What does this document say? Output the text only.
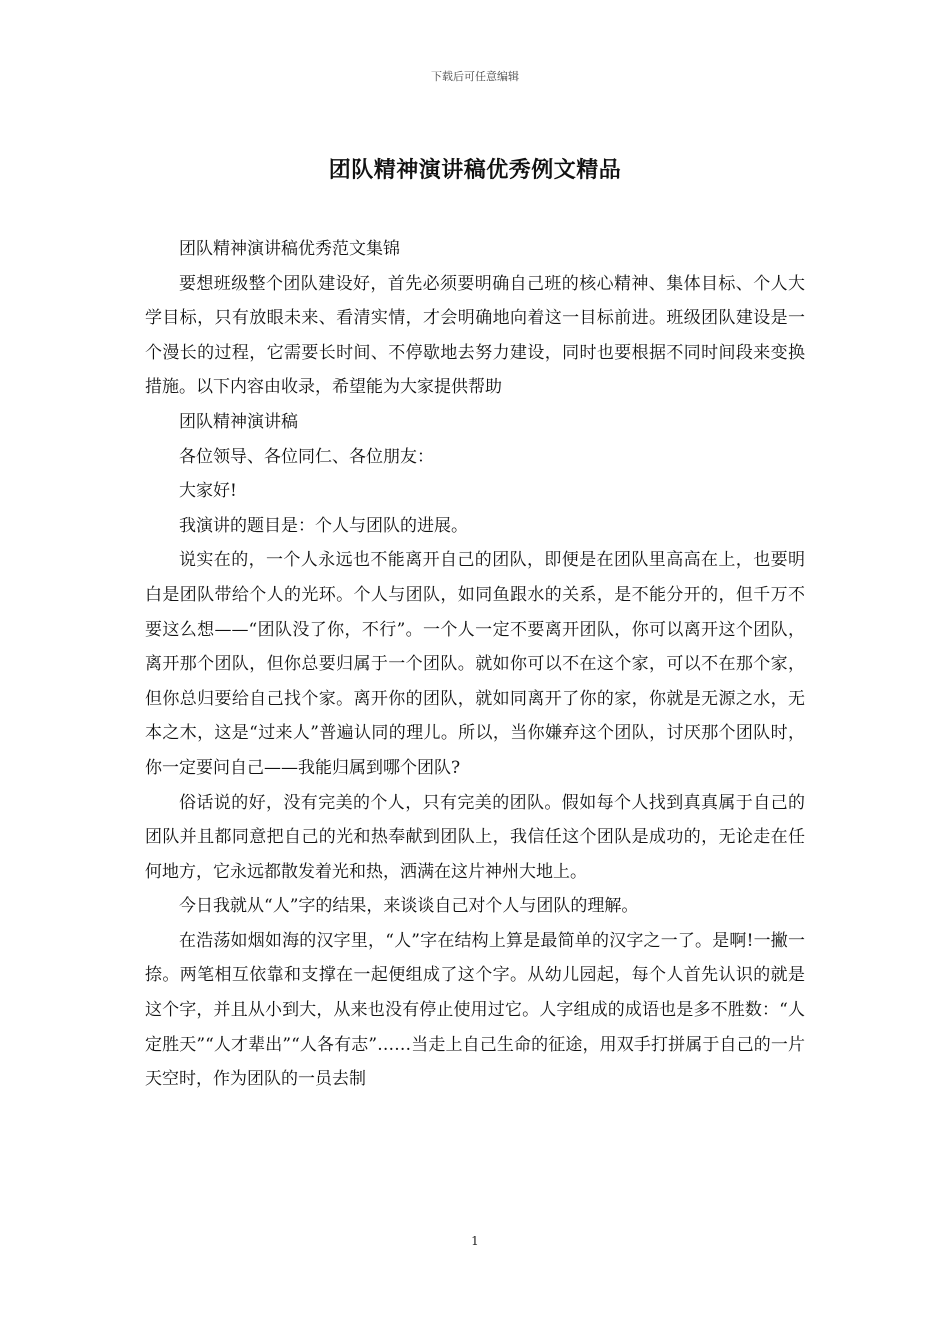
下载后可任意编辑
团队精神演讲稿优秀例文精品

团队精神演讲稿优秀范文集锦

要想班级整个团队建设好，首先必须要明确自己班的核心精神、集体目标、个人大学目标，只有放眼未来、看清实情，才会明确地向着这一目标前进。班级团队建设是一个漫长的过程，它需要长时间、不停歇地去努力建设，同时也要根据不同时间段来变换措施。以下内容由收录，希望能为大家提供帮助

团队精神演讲稿

各位领导、各位同仁、各位朋友：

大家好!

我演讲的题目是：个人与团队的进展。

说实在的，一个人永远也不能离开自己的团队，即便是在团队里高高在上，也要明白是团队带给个人的光环。个人与团队，如同鱼跟水的关系，是不能分开的，但千万不要这么想——“团队没了你，不行”。一个人一定不要离开团队，你可以离开这个团队，离开那个团队，但你总要归属于一个团队。就如你可以不在这个家，可以不在那个家，但你总归要给自己找个家。离开你的团队，就如同离开了你的家，你就是无源之水，无本之木，这是“过来人”普遍认同的理儿。所以，当你嫌弃这个团队，讨厌那个团队时，你一定要问自己——我能归属到哪个团队?

俗话说的好，没有完美的个人，只有完美的团队。假如每个人找到真真属于自己的团队并且都同意把自己的光和热奉献到团队上，我信任这个团队是成功的，无论走在任何地方，它永远都散发着光和热，洒满在这片神州大地上。

今日我就从“人”字的结果，来谈谈自己对个人与团队的理解。

在浩荡如烟如海的汉字里，“人”字在结构上算是最简单的汉字之一了。是啊!一撇一捺。两笔相互依靠和支撑在一起便组成了这个字。从幼儿园起，每个人首先认识的就是这个字，并且从小到大，从来也没有停止使用过它。人字组成的成语也是多不胜数：“人定胜天”“人才辈出”“人各有志”……当走上自己生命的征途，用双手打拼属于自己的一片天空时，作为团队的一员去制

1
